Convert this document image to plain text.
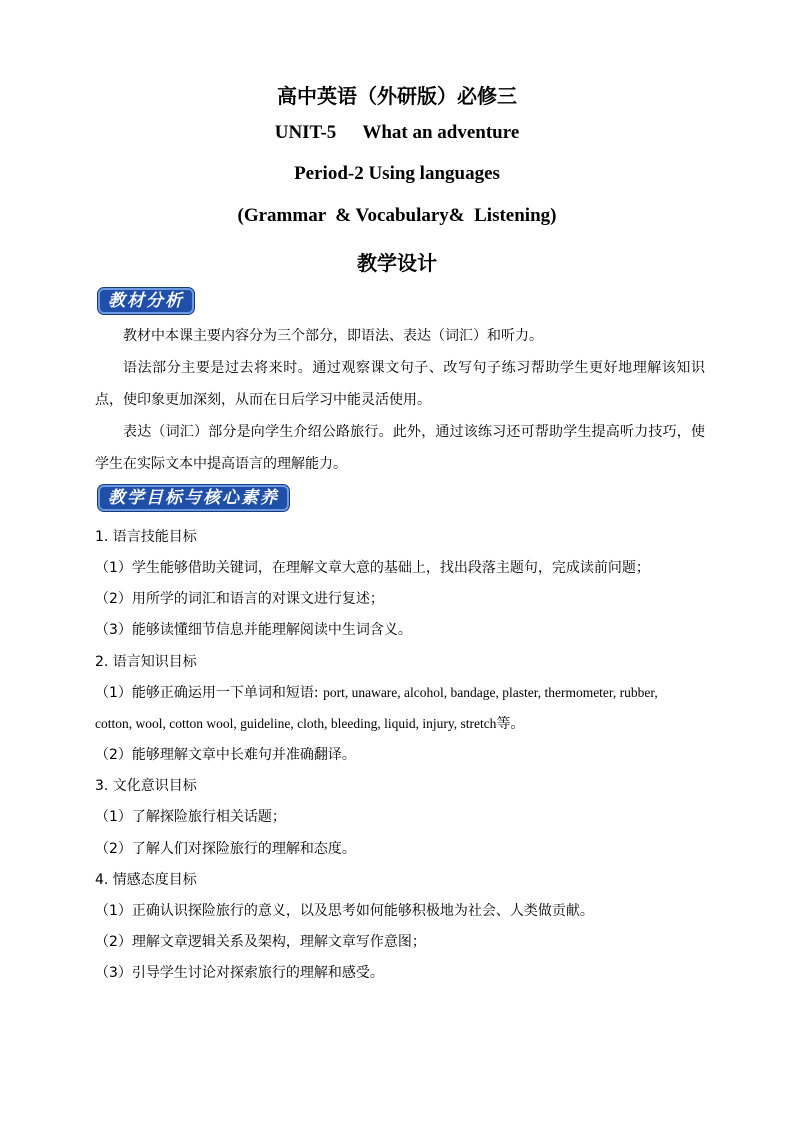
高中英语（外研版）必修三
UNIT-5 What an adventure
Period-2 Using languages
(Grammar  & Vocabulary&  Listening)
教学设计
教材分析
教材中本课主要内容分为三个部分，即语法、表达（词汇）和听力。
语法部分主要是过去将来时。通过观察课文句子、改写句子练习帮助学生更好地理解该知识点，使印象更加深刻，从而在日后学习中能灵活使用。
表达（词汇）部分是向学生介绍公路旅行。此外，通过该练习还可帮助学生提高听力技巧，使学生在实际文本中提高语言的理解能力。
教学目标与核心素养
1. 语言技能目标
（1）学生能够借助关键词，在理解文章大意的基础上，找出段落主题句，完成读前问题；
（2）用所学的词汇和语言的对课文进行复述；
（3）能够读懂细节信息并能理解阅读中生词含义。
2. 语言知识目标
（1）能够正确运用一下单词和短语: port, unaware, alcohol, bandage, plaster, thermometer, rubber,
cotton, wool, cotton wool, guideline, cloth, bleeding, liquid, injury, stretch等。
（2）能够理解文章中长难句并准确翻译。
3. 文化意识目标
（1）了解探险旅行相关话题；
（2）了解人们对探险旅行的理解和态度。
4. 情感态度目标
（1）正确认识探险旅行的意义，以及思考如何能够积极地为社会、人类做贡献。
（2）理解文章逻辑关系及架构，理解文章写作意图；
（3）引导学生讨论对探索旅行的理解和感受。
